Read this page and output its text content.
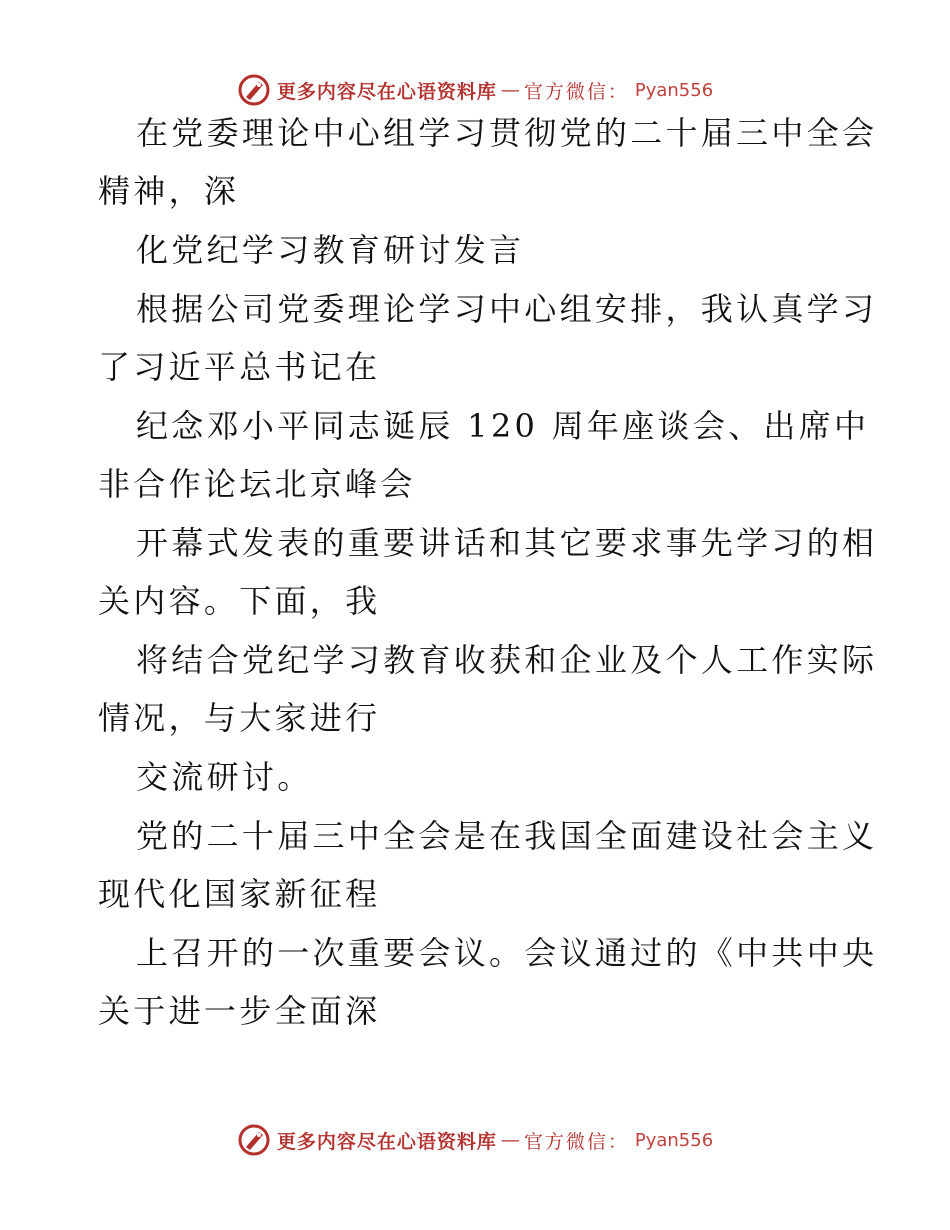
更多内容尽在心语资料库 — 官方微信： Pyan556

在党委理论中心组学习贯彻党的二十届三中全会

精神，深

化党纪学习教育研讨发言

根据公司党委理论学习中心组安排，我认真学习

了习近平总书记在

纪念邓小平同志诞辰 120 周年座谈会、出席中

非合作论坛北京峰会

开幕式发表的重要讲话和其它要求事先学习的相

关内容。下面，我

将结合党纪学习教育收获和企业及个人工作实际

情况，与大家进行

交流研讨。

党的二十届三中全会是在我国全面建设社会主义

现代化国家新征程

上召开的一次重要会议。会议通过的《中共中央

关于进一步全面深

更多内容尽在心语资料库 — 官方微信： Pyan556
